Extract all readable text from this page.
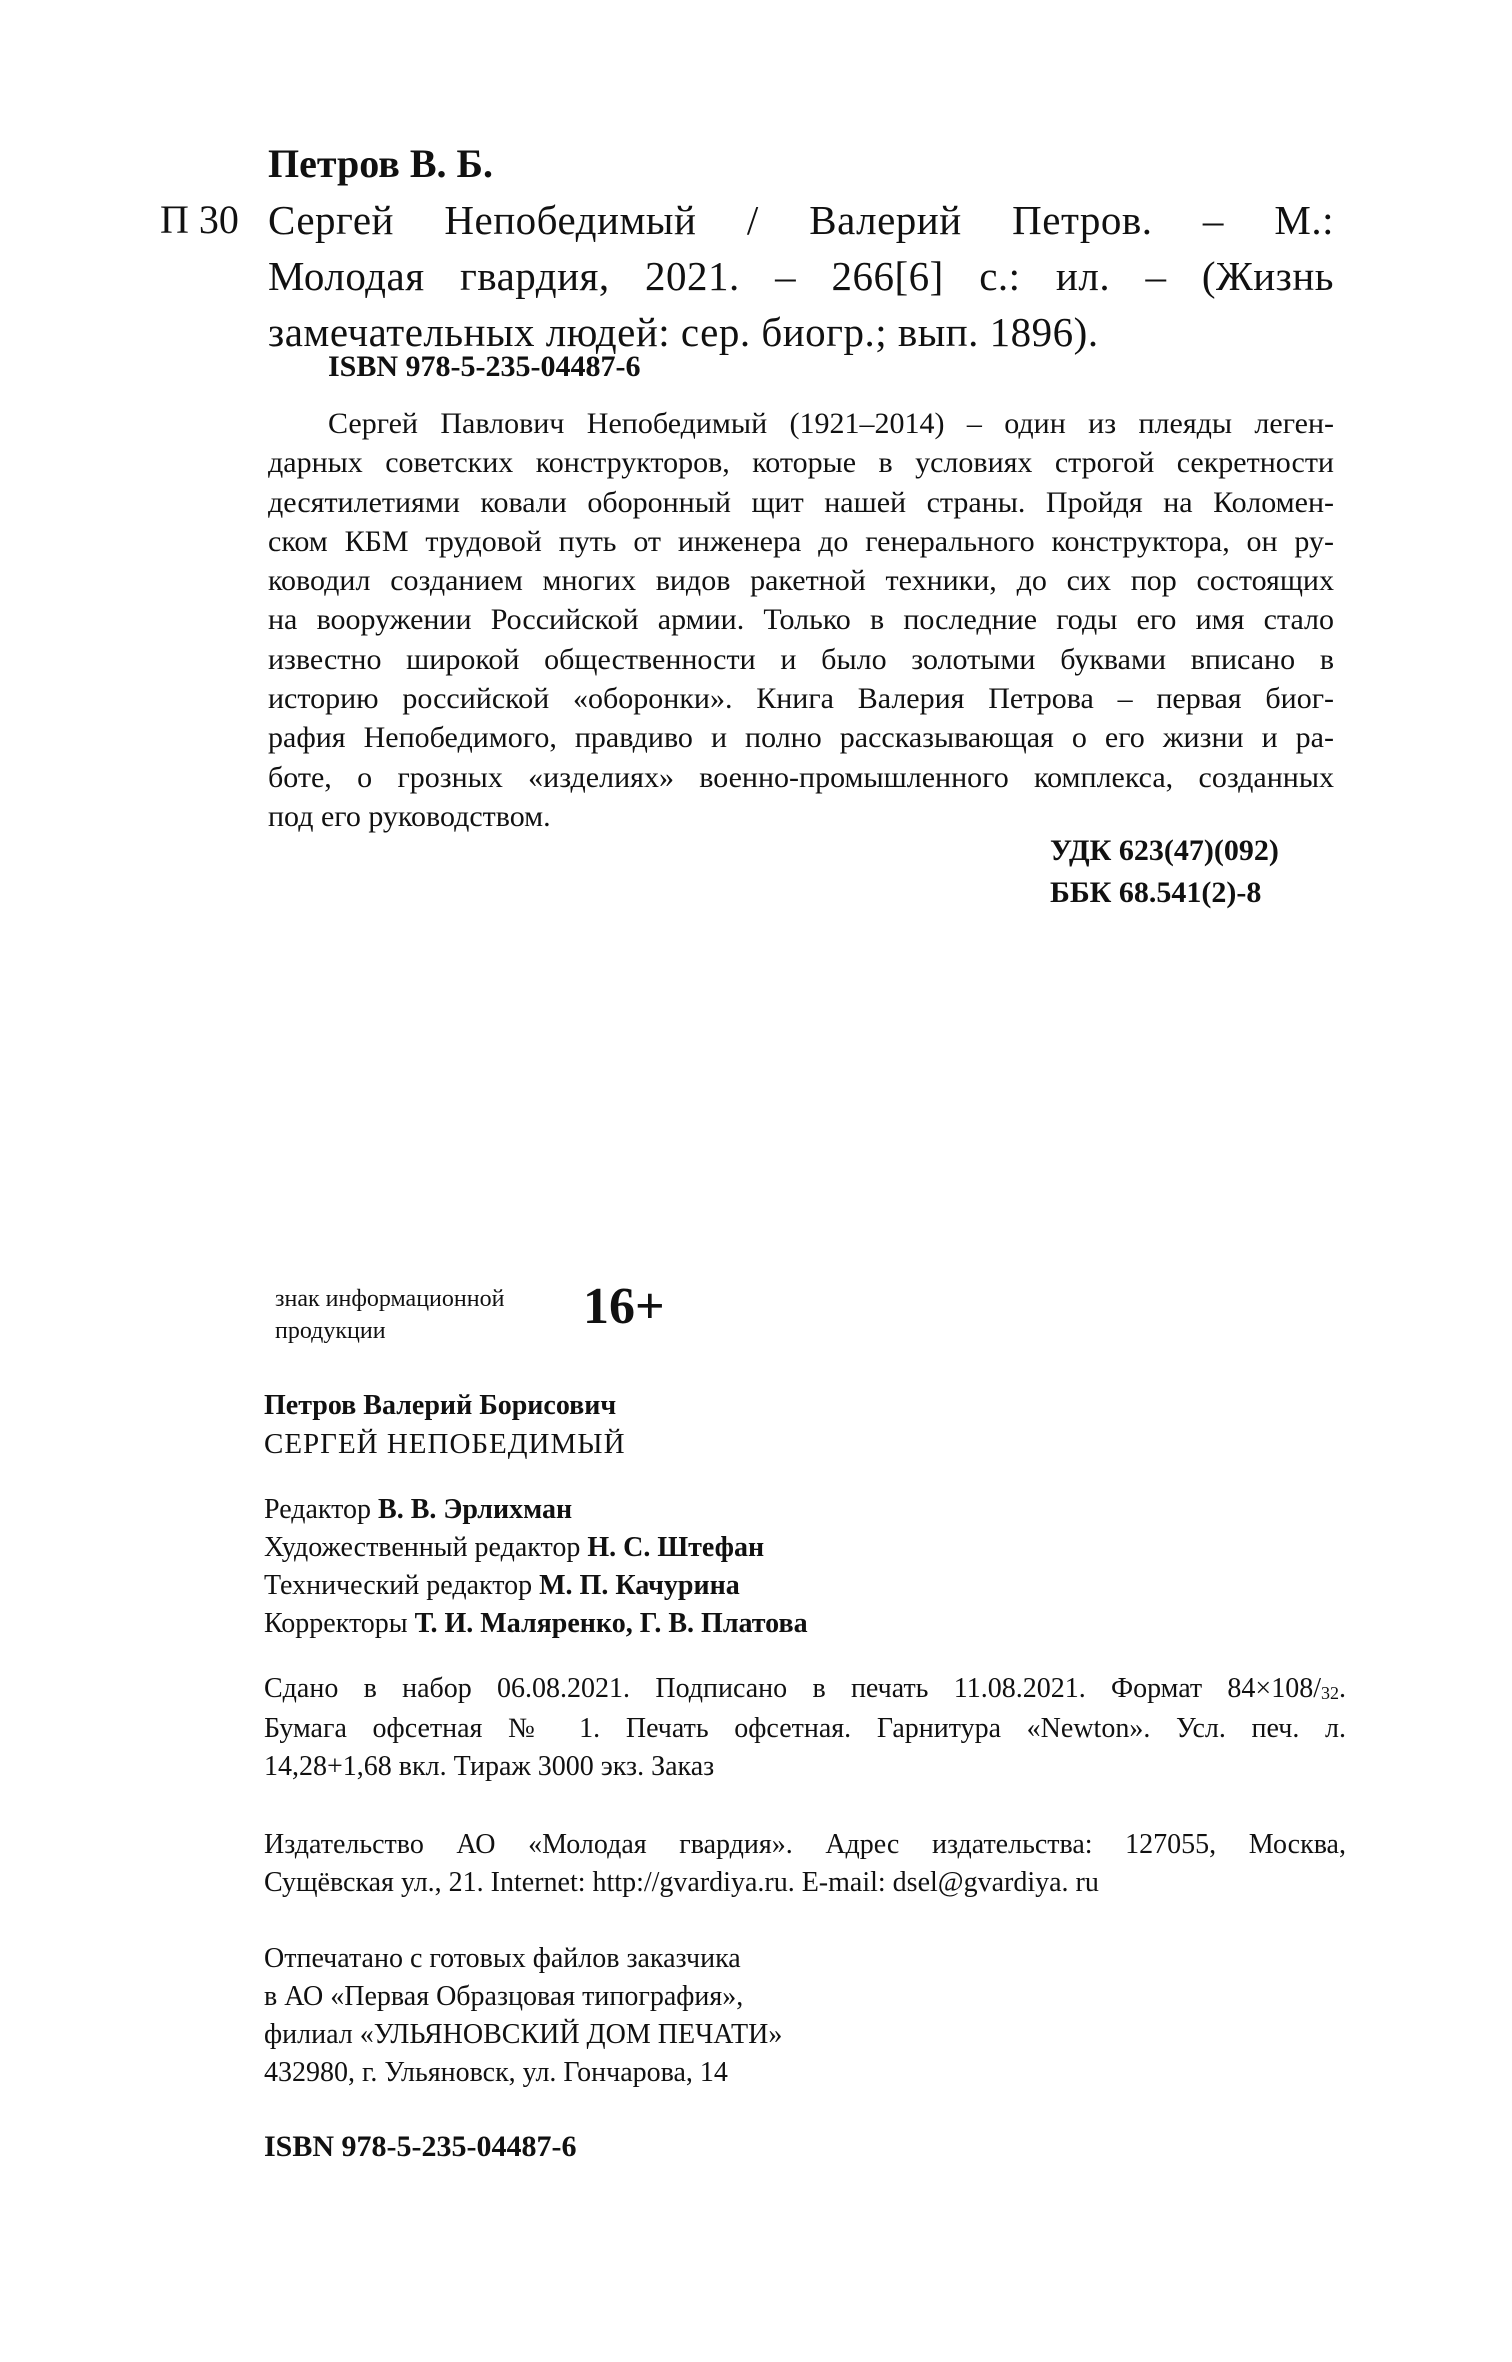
Петров В. Б.
П 30 Сергей Непобедимый / Валерий Петров. – М.:
Молодая гвардия, 2021. – 266[6] с.: ил. – (Жизнь
замечательных людей: сер. биогр.; вып. 1896).
ISBN 978-5-235-04487-6
Сергей Павлович Непобедимый (1921–2014) – один из плеяды леген-
дарных советских конструкторов, которые в условиях строгой секретности
десятилетиями ковали оборонный щит нашей страны. Пройдя на Коломен-
ском КБМ трудовой путь от инженера до генерального конструктора, он ру-
ководил созданием многих видов ракетной техники, до сих пор состоящих
на вооружении Российской армии. Только в последние годы его имя стало
известно широкой общественности и было золотыми буквами вписано в
историю российской «оборонки». Книга Валерия Петрова – первая биог-
рафия Непобедимого, правдиво и полно рассказывающая о его жизни и ра-
боте, о грозных «изделиях» военно-промышленного комплекса, созданных
под его руководством.
УДК 623(47)(092)
ББК 68.541(2)-8
знак информационной продукции	16+
Петров Валерий Борисович
СЕРГЕЙ НЕПОБЕДИМЫЙ
Редактор В. В. Эрлихман
Художественный редактор Н. С. Штефан
Технический редактор М. П. Качурина
Корректоры Т. И. Маляренко, Г. В. Платова
Сдано в набор 06.08.2021. Подписано в печать 11.08.2021. Формат $84\times 108/_{32}$.
Бумага офсетная № 1. Печать офсетная. Гарнитура «Newton». Усл. печ. л.
14,28+1,68 вкл. Тираж 3000 экз. Заказ
Издательство АО «Молодая гвардия». Адрес издательства: 127055, Москва,
Сущёвская ул., 21. Internet: http://gvardiya.ru. E-mail: dsel@gvardiya. ru
Отпечатано с готовых файлов заказчика
в АО «Первая Образцовая типография»,
филиал «УЛЬЯНОВСКИЙ ДОМ ПЕЧАТИ»
432980, г. Ульяновск, ул. Гончарова, 14
ISBN 978-5-235-04487-6
